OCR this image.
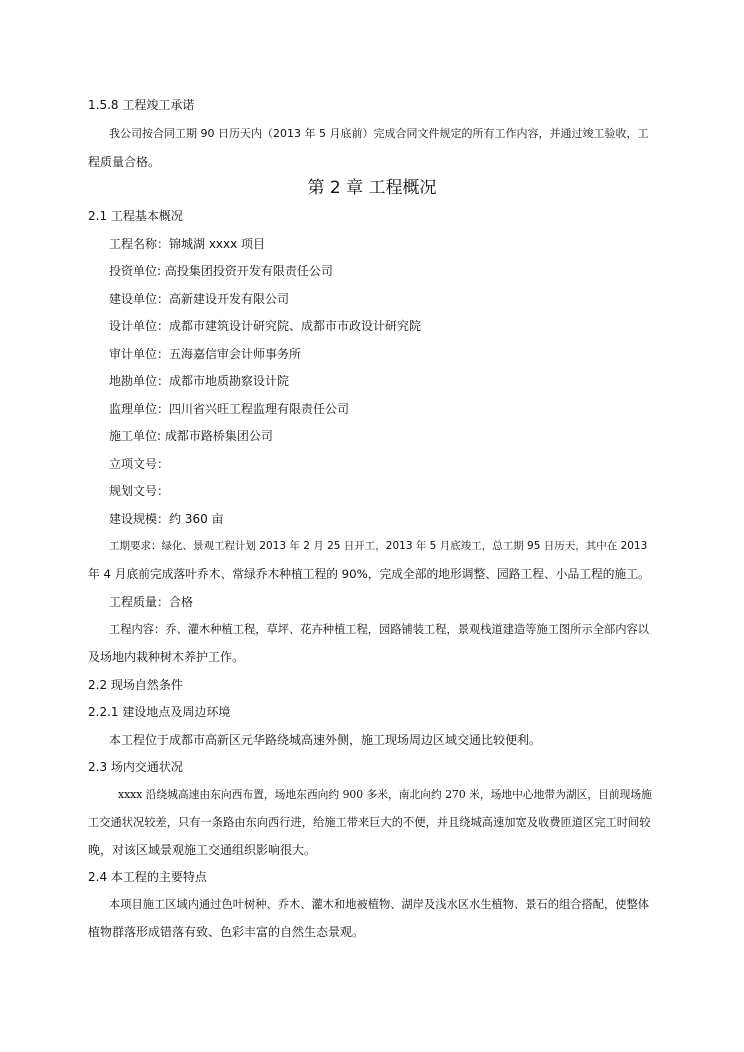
1.5.8 工程竣工承诺
我公司按合同工期 90 日历天内（2013 年 5 月底前）完成合同文件规定的所有工作内容，并通过竣工验收，工
程质量合格。
第 2 章 工程概况
2.1 工程基本概况
工程名称：锦城湖 xxxx 项目
投资单位: 高投集团投资开发有限责任公司
建设单位：高新建设开发有限公司
设计单位：成都市建筑设计研究院、成都市市政设计研究院
审计单位：五海嘉信审会计师事务所
地勘单位：成都市地质勘察设计院
监理单位：四川省兴旺工程监理有限责任公司
施工单位: 成都市路桥集团公司
立项文号：
规划文号：
建设规模：约 360 亩
工期要求：绿化、景观工程计划 2013 年 2 月 25 日开工，2013 年 5 月底竣工，总工期 95 日历天，其中在 2013
年 4 月底前完成落叶乔木、常绿乔木种植工程的 90%，完成全部的地形调整、园路工程、小品工程的施工。
工程质量：合格
工程内容：乔、灌木种植工程，草坪、花卉种植工程，园路铺装工程，景观栈道建造等施工图所示全部内容以
及场地内栽种树木养护工作。
2.2 现场自然条件
2.2.1 建设地点及周边环境
本工程位于成都市高新区元华路绕城高速外侧，施工现场周边区域交通比较便利。
2.3 场内交通状况
xxxx 沿绕城高速由东向西布置，场地东西向约 900 多米，南北向约 270 米，场地中心地带为湖区，目前现场施
工交通状况较差，只有一条路由东向西行进，给施工带来巨大的不便，并且绕城高速加宽及收费匝道区完工时间较
晚，对该区域景观施工交通组织影响很大。
2.4 本工程的主要特点
本项目施工区域内通过色叶树种、乔木、灌木和地被植物、湖岸及浅水区水生植物、景石的组合搭配，使整体
植物群落形成错落有致、色彩丰富的自然生态景观。
